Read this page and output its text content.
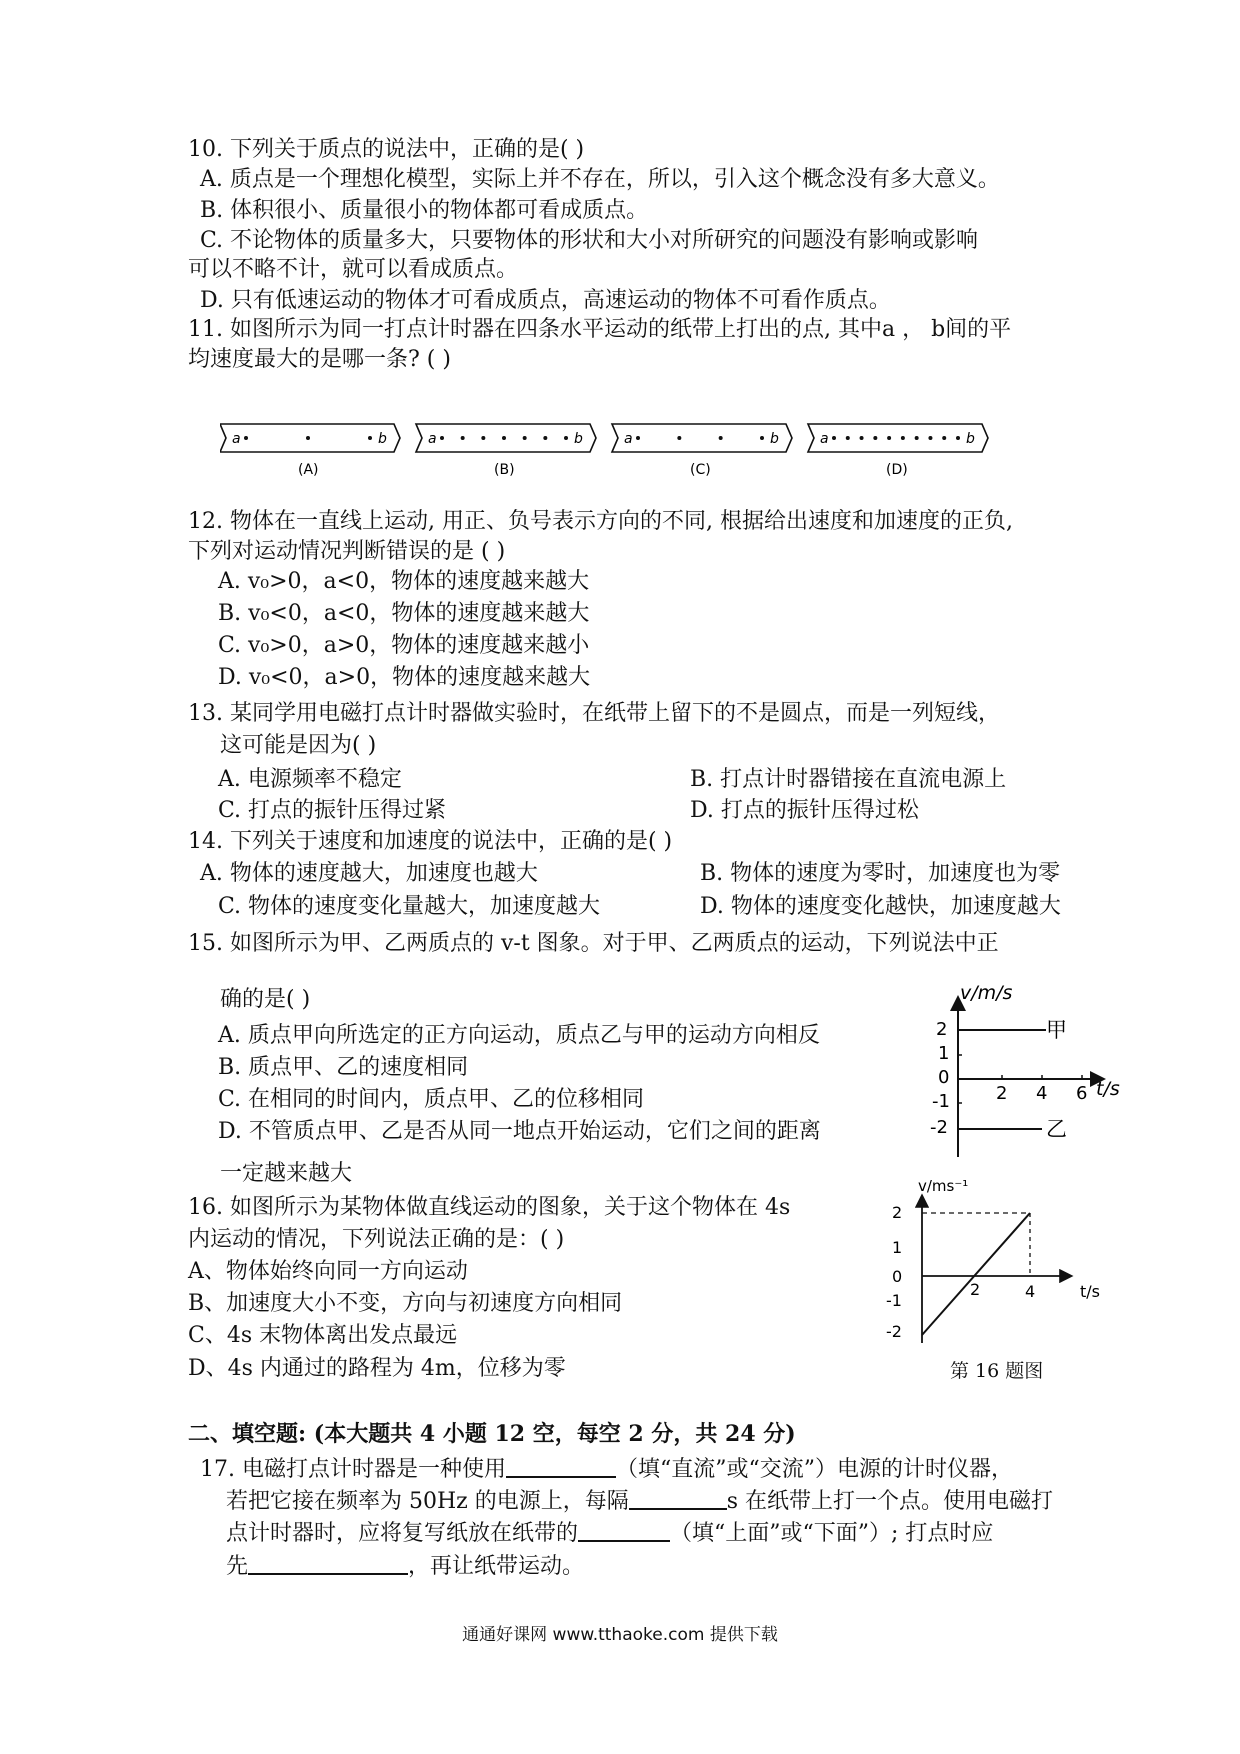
10. 下列关于质点的说法中，正确的是( )
A. 质点是一个理想化模型，实际上并不存在，所以，引入这个概念没有多大意义。
B. 体积很小、质量很小的物体都可看成质点。
C. 不论物体的质量多大，只要物体的形状和大小对所研究的问题没有影响或影响
可以不略不计，就可以看成质点。
D. 只有低速运动的物体才可看成质点，高速运动的物体不可看作质点。
11. 如图所示为同一打点计时器在四条水平运动的纸带上打出的点, 其中a ， b间的平
均速度最大的是哪一条? ( )
a	b
(A)
a	b
(B)
a	b
(C)
a	b
(D)
12. 物体在一直线上运动, 用正、负号表示方向的不同, 根据给出速度和加速度的正负,
下列对运动情况判断错误的是 ( )
A. v₀>0，a<0，物体的速度越来越大
B. v₀<0，a<0，物体的速度越来越大
C. v₀>0，a>0，物体的速度越来越小
D. v₀<0，a>0，物体的速度越来越大
13. 某同学用电磁打点计时器做实验时，在纸带上留下的不是圆点，而是一列短线，
这可能是因为( )
A. 电源频率不稳定	B. 打点计时器错接在直流电源上
C. 打点的振针压得过紧	D. 打点的振针压得过松
14. 下列关于速度和加速度的说法中，正确的是( )
A. 物体的速度越大，加速度也越大	B. 物体的速度为零时，加速度也为零
C. 物体的速度变化量越大，加速度越大	D. 物体的速度变化越快，加速度越大
15. 如图所示为甲、乙两质点的 v-t 图象。对于甲、乙两质点的运动，下列说法中正
确的是( )
A. 质点甲向所选定的正方向运动，质点乙与甲的运动方向相反
B. 质点甲、乙的速度相同
C. 在相同的时间内，质点甲、乙的位移相同
D. 不管质点甲、乙是否从同一地点开始运动，它们之间的距离
一定越来越大
v/m/s
t/s
2
1
0
-1
-2
2 4 6
甲
乙
16. 如图所示为某物体做直线运动的图象，关于这个物体在 4s
内运动的情况，下列说法正确的是：( )
A、物体始终向同一方向运动
B、加速度大小不变，方向与初速度方向相同
C、4s 末物体离出发点最远
D、4s 内通过的路程为 4m，位移为零
v/ms⁻¹
t/s
2
1
0
-1
-2
2	4
第 16 题图
二、填空题: (本大题共 4 小题 12 空，每空 2 分，共 24 分)
17. 电磁打点计时器是一种使用	（填“直流”或“交流”）电源的计时仪器，
若把它接在频率为 50Hz 的电源上，每隔	s 在纸带上打一个点。使用电磁打
点计时器时，应将复写纸放在纸带的	（填“上面”或“下面”）; 打点时应
先	，再让纸带运动。
通通好课网 www.tthaoke.com 提供下载
